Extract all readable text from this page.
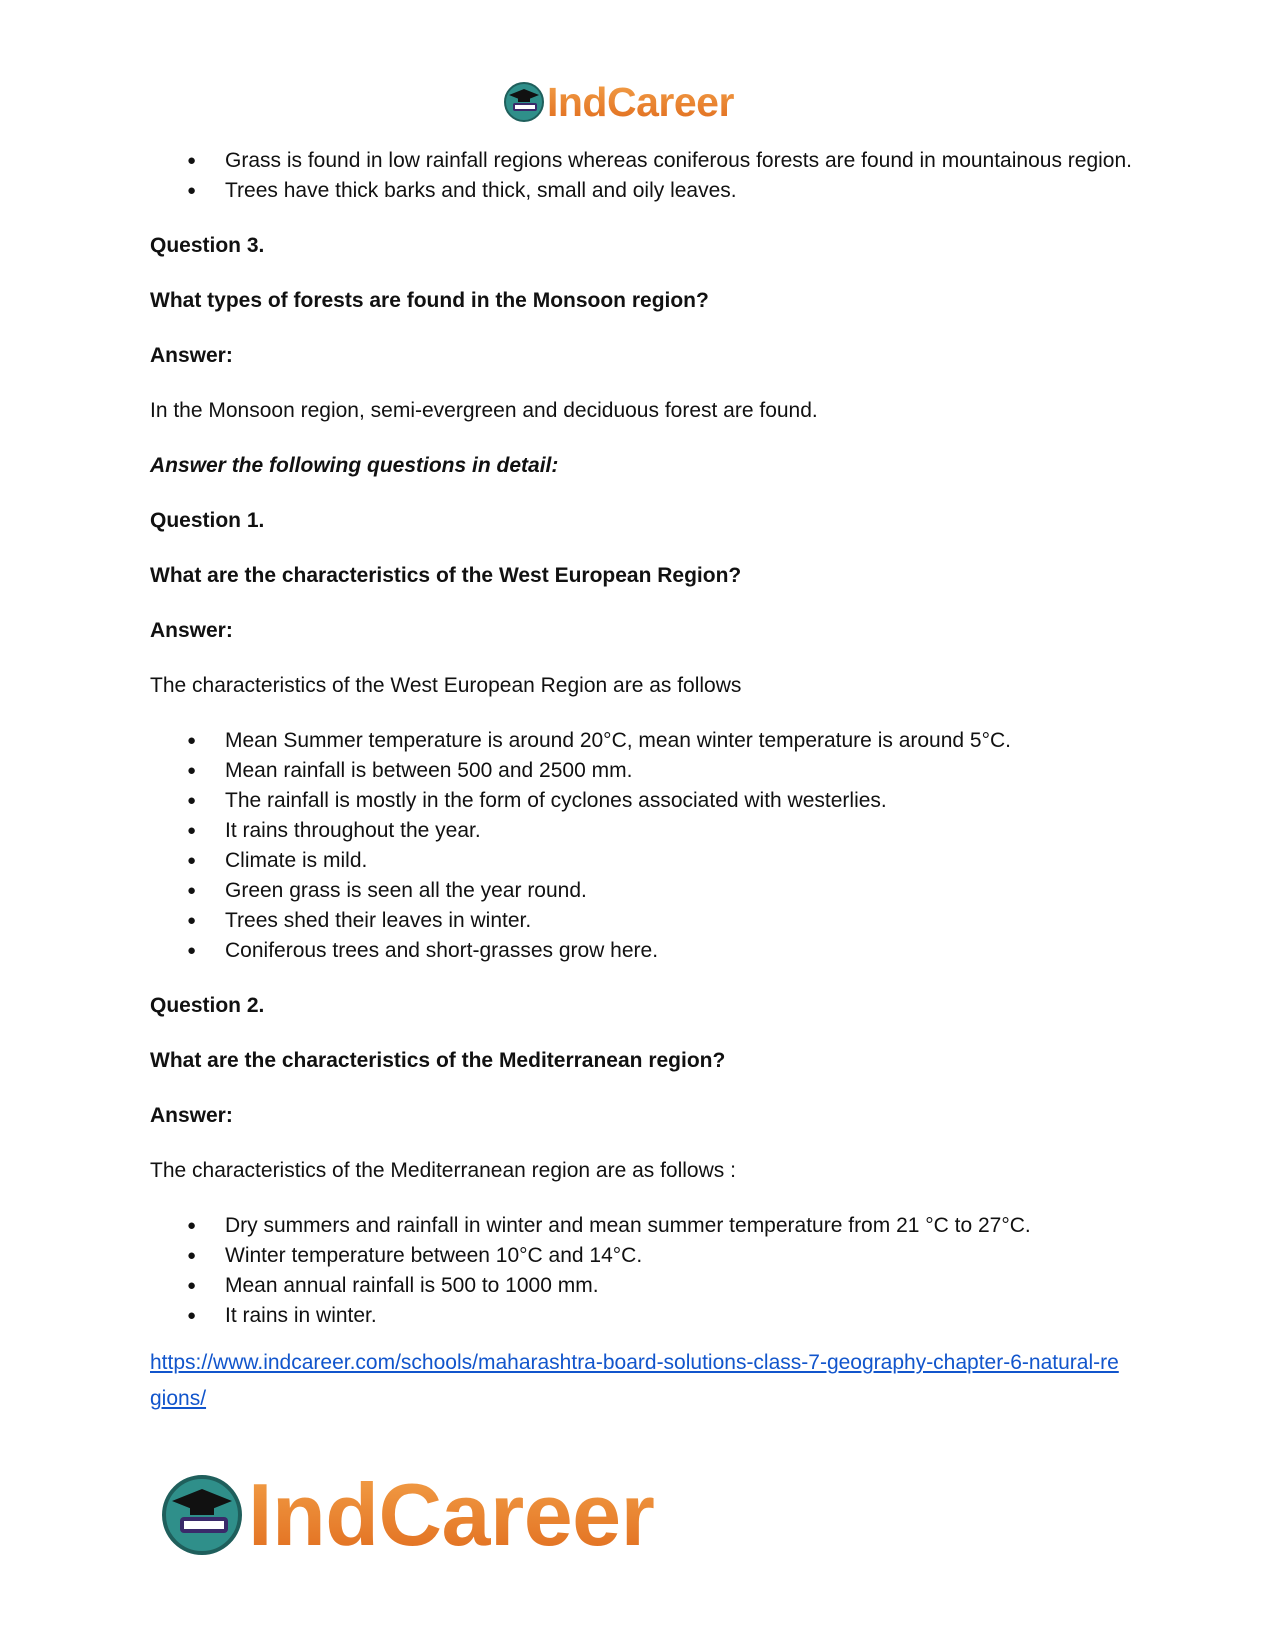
IndCareer
● Grass is found in low rainfall regions whereas coniferous forests are found in mountainous region.
● Trees have thick barks and thick, small and oily leaves.

Question 3.

What types of forests are found in the Monsoon region?

Answer:

In the Monsoon region, semi-evergreen and deciduous forest are found.

Answer the following questions in detail:

Question 1.

What are the characteristics of the West European Region?

Answer:

The characteristics of the West European Region are as follows

● Mean Summer temperature is around 20°C, mean winter temperature is around 5°C.
● Mean rainfall is between 500 and 2500 mm.
● The rainfall is mostly in the form of cyclones associated with westerlies.
● It rains throughout the year.
● Climate is mild.
● Green grass is seen all the year round.
● Trees shed their leaves in winter.
● Coniferous trees and short-grasses grow here.

Question 2.

What are the characteristics of the Mediterranean region?

Answer:

The characteristics of the Mediterranean region are as follows :

● Dry summers and rainfall in winter and mean summer temperature from 21 °C to 27°C.
● Winter temperature between 10°C and 14°C.
● Mean annual rainfall is 500 to 1000 mm.
● It rains in winter.
https://www.indcareer.com/schools/maharashtra-board-solutions-class-7-geography-chapter-6-natural-regions/
IndCareer
